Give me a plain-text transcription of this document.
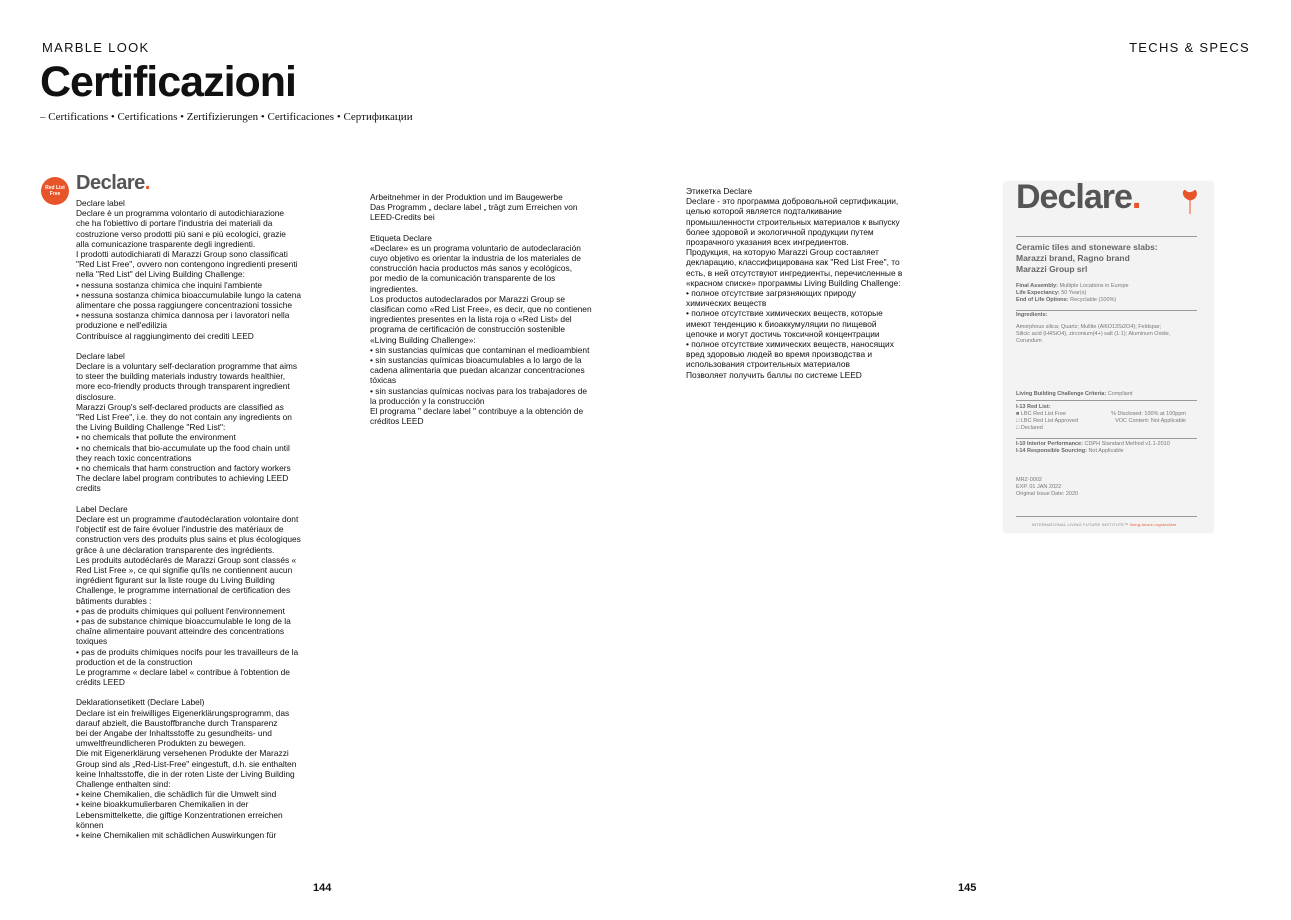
MARBLE LOOK	TECHS & SPECS
Certificazioni
– Certifications • Certifications • Zertifizierungen • Certificaciones • Сертификации
Red List
Free Declare.

Declare label

Declare è un programma volontario di autodichiarazione
che ha l'obiettivo di portare l'industria dei materiali da
costruzione verso prodotti più sani e più ecologici, grazie
alla comunicazione trasparente degli ingredienti.
I prodotti autodichiarati di Marazzi Group sono classificati
"Red List Free", ovvero non contengono ingredienti presenti
nella "Red List" del Living Building Challenge:
• nessuna sostanza chimica che inquini l'ambiente
• nessuna sostanza chimica bioaccumulabile lungo la catena
alimentare che possa raggiungere concentrazioni tossiche
• nessuna sostanza chimica dannosa per i lavoratori nella
produzione e nell'edilizia
Contribuisce al raggiungimento dei crediti LEED

Declare label

Declare is a voluntary self-declaration programme that aims
to steer the building materials industry towards healthier,
more eco-friendly products through transparent ingredient
disclosure.
Marazzi Group's self-declared products are classified as
"Red List Free", i.e. they do not contain any ingredients on
the Living Building Challenge "Red List":
• no chemicals that pollute the environment
• no chemicals that bio-accumulate up the food chain until
they reach toxic concentrations
• no chemicals that harm construction and factory workers
The declare label program contributes to achieving LEED
credits

Label Declare

Declare est un programme d'autodéclaration volontaire dont
l'objectif est de faire évoluer l'industrie des matériaux de
construction vers des produits plus sains et plus écologiques
grâce à une déclaration transparente des ingrédients.
Les produits autodéclarés de Marazzi Group sont classés «
Red List Free », ce qui signifie qu'ils ne contiennent aucun
ingrédient figurant sur la liste rouge du Living Building
Challenge, le programme international de certification des
bâtiments durables :
• pas de produits chimiques qui polluent l'environnement
• pas de substance chimique bioaccumulable le long de la
chaîne alimentaire pouvant atteindre des concentrations
toxiques
• pas de produits chimiques nocifs pour les travailleurs de la
production et de la construction
Le programme « declare label « contribue à l'obtention de
crédits LEED

Deklarationsetikett (Declare Label)

Declare ist ein freiwilliges Eigenerklärungsprogramm, das
darauf abzielt, die Baustoffbranche durch Transparenz
bei der Angabe der Inhaltsstoffe zu gesundheits- und
umweltfreundlicheren Produkten zu bewegen.
Die mit Eigenerklärung versehenen Produkte der Marazzi
Group sind als „Red-List-Free" eingestuft, d.h. sie enthalten
keine Inhaltsstoffe, die in der roten Liste der Living Building
Challenge enthalten sind:
• keine Chemikalien, die schädlich für die Umwelt sind
• keine bioakkumulierbaren Chemikalien in der
Lebensmittelkette, die giftige Konzentrationen erreichen
können
• keine Chemikalien mit schädlichen Auswirkungen für

Arbeitnehmer in der Produktion und im Baugewerbe
Das Programm „ declare label „ trägt zum Erreichen von
LEED-Credits bei

Etiqueta Declare

«Declare» es un programa voluntario de autodeclaración
cuyo objetivo es orientar la industria de los materiales de
construcción hacia productos más sanos y ecológicos,
por medio de la comunicación transparente de los
ingredientes.
Los productos autodeclarados por Marazzi Group se
clasifican como «Red List Free», es decir, que no contienen
ingredientes presentes en la lista roja o «Red List» del
programa de certificación de construcción sostenible
«Living Building Challenge»:
• sin sustancias químicas que contaminan el medioambient
• sin sustancias químicas bioacumulables a lo largo de la
cadena alimentaria que puedan alcanzar concentraciones
tóxicas
• sin sustancias químicas nocivas para los trabajadores de
la producción y la construcción
El programa " declare label " contribuye a la obtención de
créditos LEED

Этикетка Declare

Declare - это программа добровольной сертификации,
целью которой является подталкивание
промышленности строительных материалов к выпуску
более здоровой и экологичной продукции путем
прозрачного указания всех ингредиентов.
Продукция, на которую Marazzi Group составляет
декларацию, классифицирована как "Red List Free", то
есть, в ней отсутствуют ингредиенты, перечисленные в
«красном списке» программы Living Building Challenge:
• полное отсутствие загрязняющих природу
химических веществ
• полное отсутствие химических веществ, которые
имеют тенденцию к биоаккумуляции по пищевой
цепочке и могут достичь токсичной концентрации
• полное отсутствие химических веществ, наносящих
вред здоровью людей во время производства и
использования строительных материалов
Позволяет получить баллы по системе LEED

Declare.
Ceramic tiles and stoneware slabs:
Marazzi brand, Ragno brand
Marazzi Group srl
Final Assembly: Multiple Locations in Europe
Life Expectancy: 50 Year(s)
End of Life Options: Recyclable (100%)
Ingredients:
Amorphous silica; Quartz; Mullite (Al6O13Si2O4); Feldspar;
Silicic acid (H4SiO4), zirconium(4+) salt (1:1); Aluminum Oxide,
Corundum
Living Building Challenge Criteria: Compliant
I-13 Red List:
■ LBC Red List Free	% Disclosed: 100% at 100ppm
□ LBC Red List Approved	VOC Content: Not Applicable
□ Declared
I-10 Interior Performance: CDPH Standard Method v1.1-2010
I-14 Responsible Sourcing: Not Applicable
MRZ-0002
EXP. 01 JAN 2022
Original Issue Date: 2020
INTERNATIONAL LIVING FUTURE INSTITUTE™ living-future.org/declare
144	145
